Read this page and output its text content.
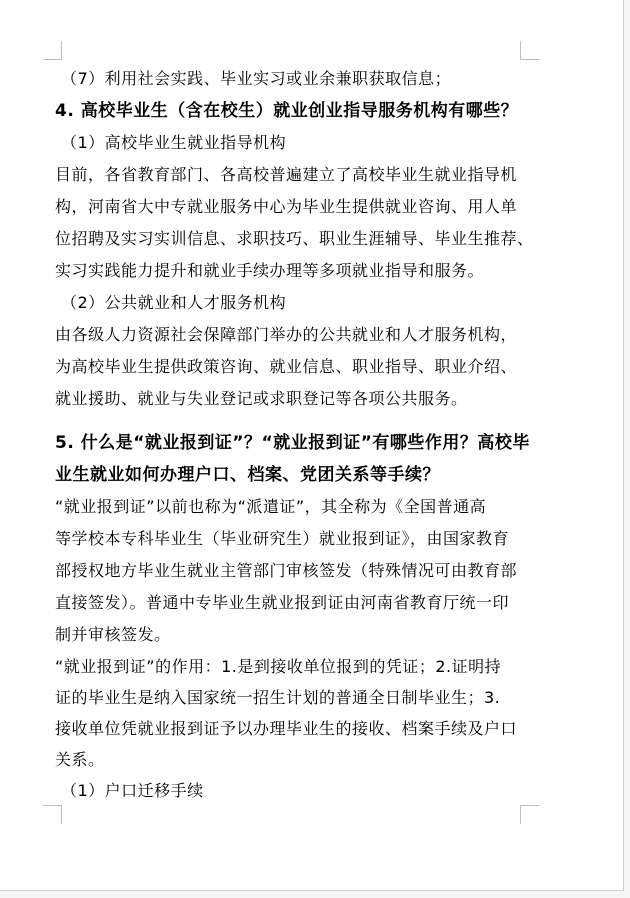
（7）利用社会实践、毕业实习或业余兼职获取信息；
4. 高校毕业生（含在校生）就业创业指导服务机构有哪些？
（1）高校毕业生就业指导机构
目前，各省教育部门、各高校普遍建立了高校毕业生就业指导机
构，河南省大中专就业服务中心为毕业生提供就业咨询、用人单
位招聘及实习实训信息、求职技巧、职业生涯辅导、毕业生推荐、
实习实践能力提升和就业手续办理等多项就业指导和服务。
（2）公共就业和人才服务机构
由各级人力资源社会保障部门举办的公共就业和人才服务机构，
为高校毕业生提供政策咨询、就业信息、职业指导、职业介绍、
就业援助、就业与失业登记或求职登记等各项公共服务。
5. 什么是“就业报到证”？“就业报到证”有哪些作用？高校毕
业生就业如何办理户口、档案、党团关系等手续？
“就业报到证”以前也称为“派遣证”，其全称为《全国普通高
等学校本专科毕业生（毕业研究生）就业报到证》，由国家教育
部授权地方毕业生就业主管部门审核签发（特殊情况可由教育部
直接签发）。普通中专毕业生就业报到证由河南省教育厅统一印
制并审核签发。
“就业报到证”的作用：1.是到接收单位报到的凭证；2.证明持
证的毕业生是纳入国家统一招生计划的普通全日制毕业生；3.
接收单位凭就业报到证予以办理毕业生的接收、档案手续及户口
关系。
（1）户口迁移手续
